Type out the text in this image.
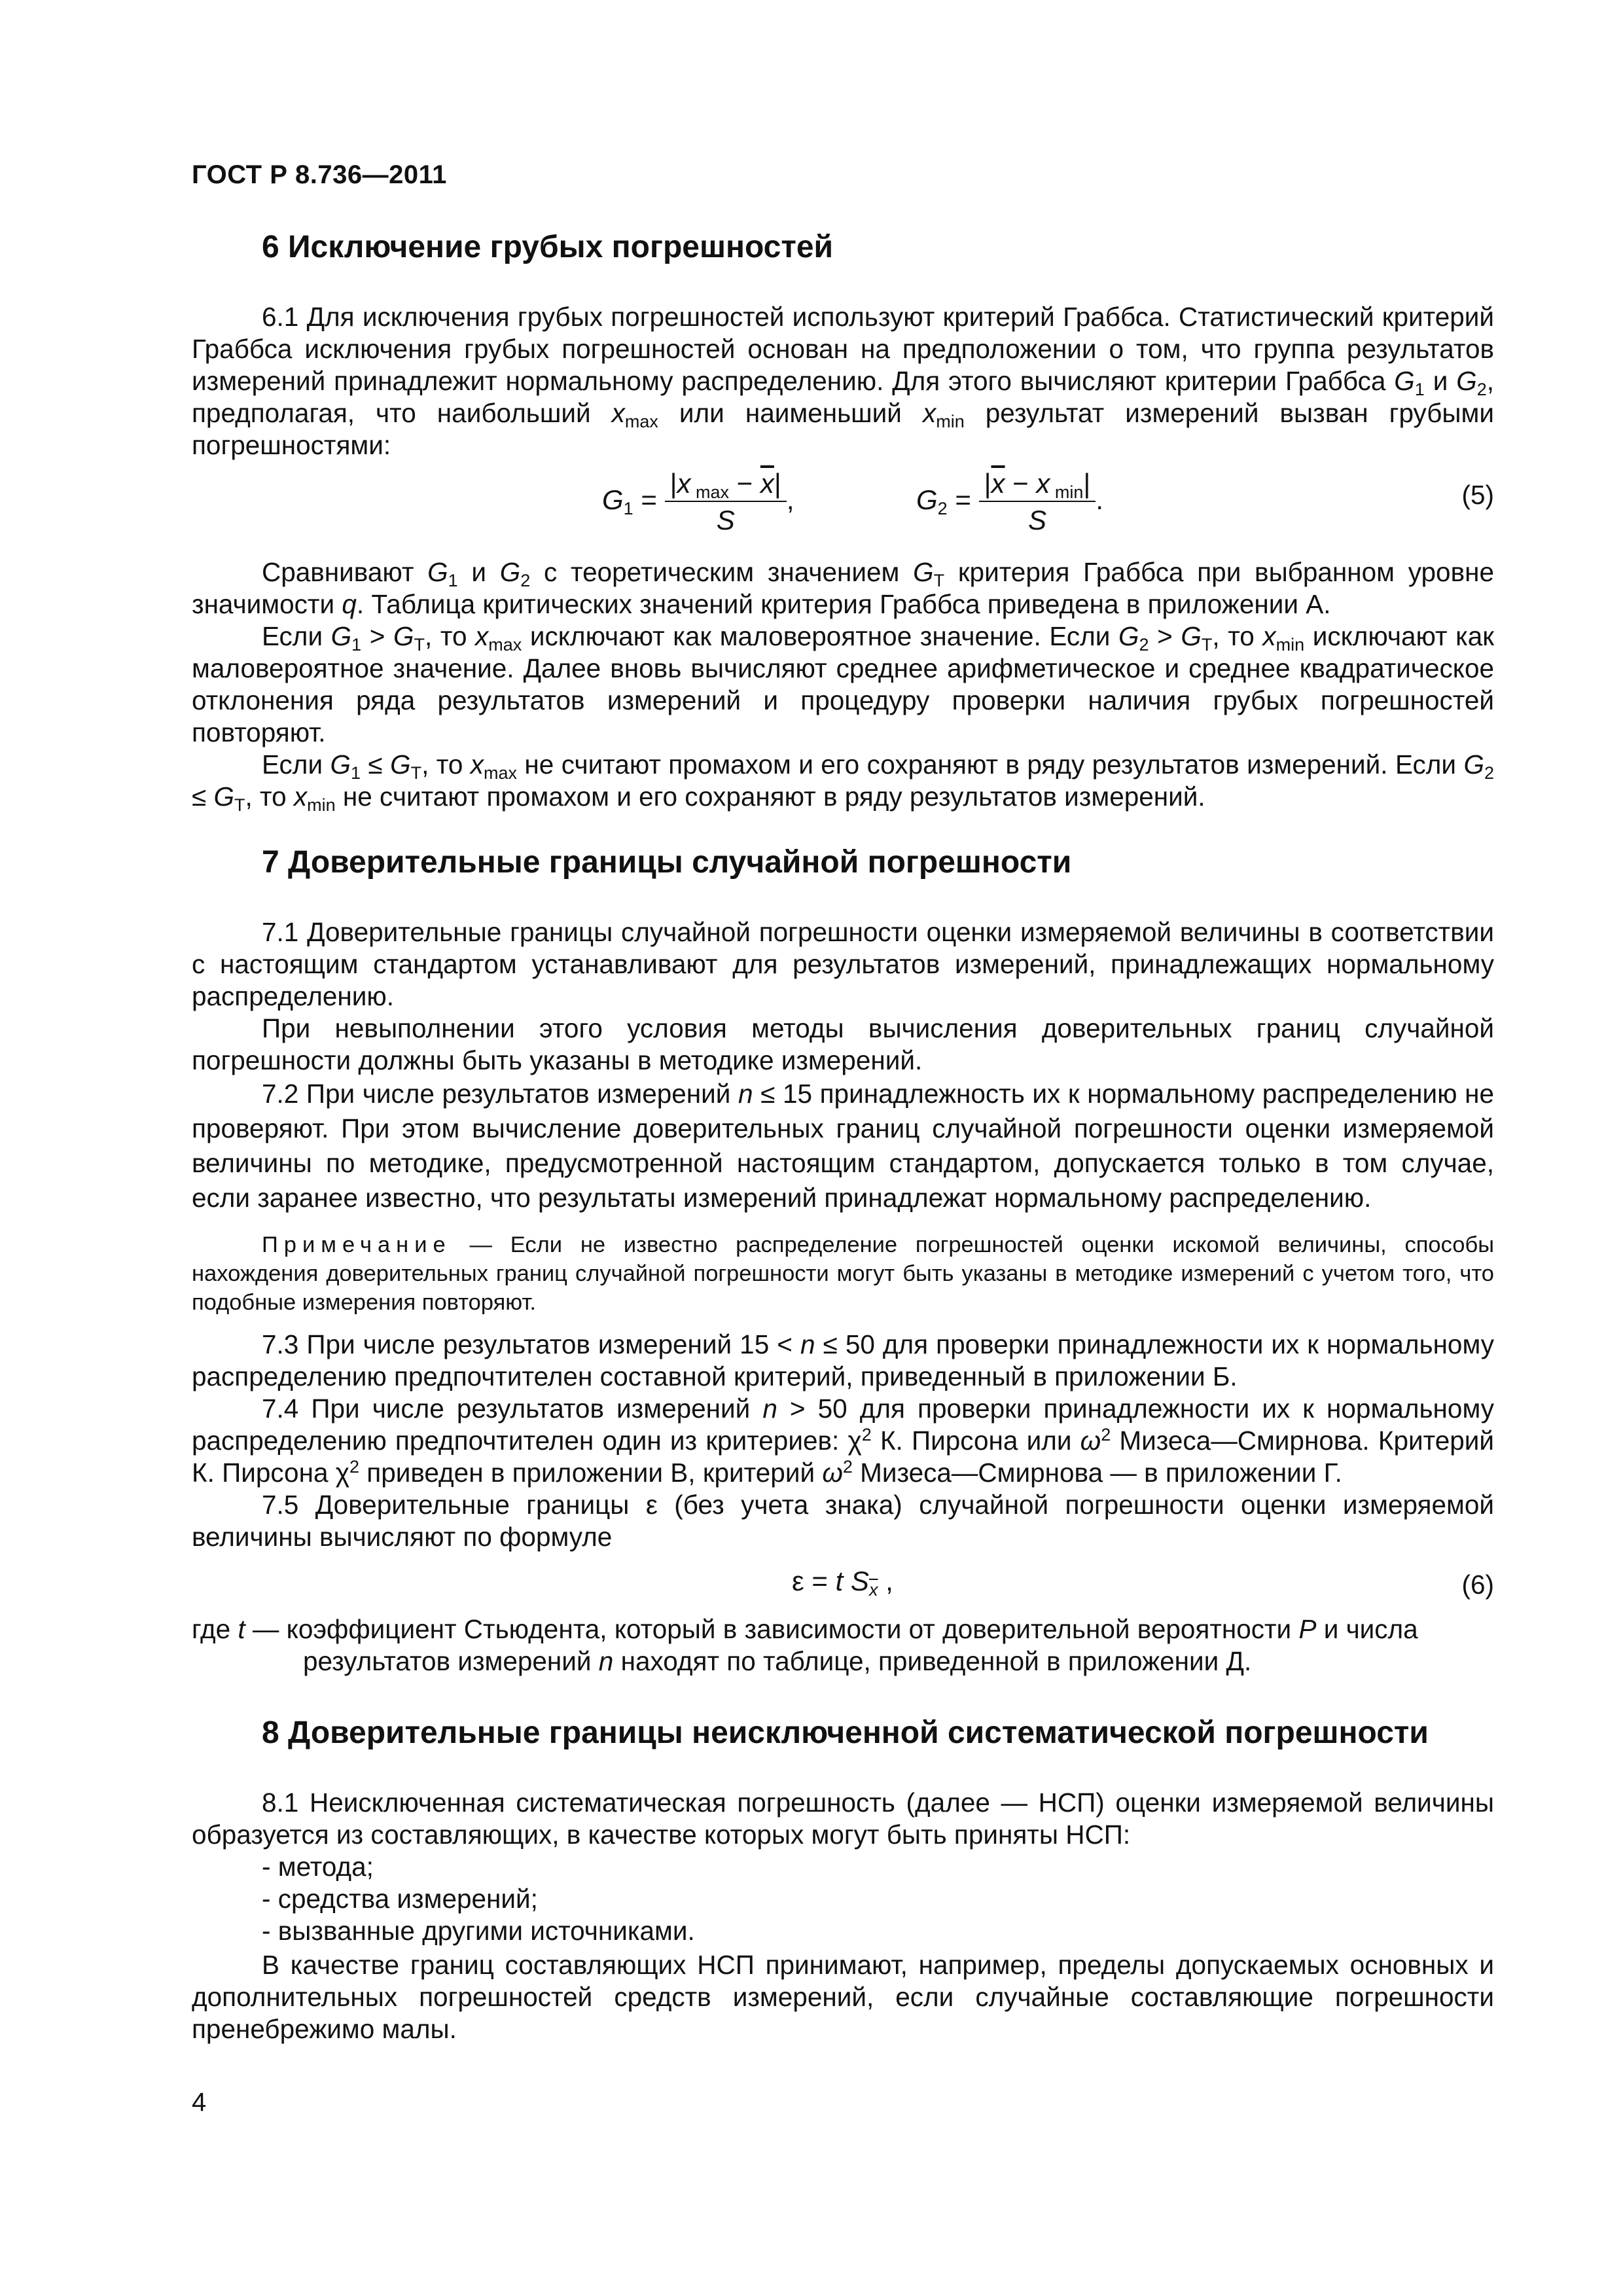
ГОСТ Р 8.736—2011
6 Исключение грубых погрешностей
6.1 Для исключения грубых погрешностей используют критерий Граббса. Статистический критерий Граббса исключения грубых погрешностей основан на предположении о том, что группа результатов измерений принадлежит нормальному распределению. Для этого вычисляют критерии Граббса $G_1$ и $G_2$, предполагая, что наибольший $x_{max}$ или наименьший $x_{min}$ результат измерений вызван грубыми погрешностями:
$G_1 = \frac{|x _{max} - \overline{x}|}{S}$ ,	$G_2 = \frac{|\overline{x} - x _{min}|}{S}$ .	(5)
Сравнивают $G_1$ и $G_2$ с теоретическим значением $G_T$ критерия Граббса при выбранном уровне значимости q. Таблица критических значений критерия Граббса приведена в приложении А.
Если $G_1 > G_T$, то $x_{max}$ исключают как маловероятное значение. Если $G_2 > G_T$, то $x_{min}$ исключают как маловероятное значение. Далее вновь вычисляют среднее арифметическое и среднее квадратическое отклонения ряда результатов измерений и процедуру проверки наличия грубых погрешностей повторяют.
Если $G_1 \le G_T$, то $x_{max}$ не считают промахом и его сохраняют в ряду результатов измерений. Если $G_2 \le G_T$, то $x_{min}$ не считают промахом и его сохраняют в ряду результатов измерений.
7 Доверительные границы случайной погрешности
7.1 Доверительные границы случайной погрешности оценки измеряемой величины в соответствии с настоящим стандартом устанавливают для результатов измерений, принадлежащих нормальному распределению.
При невыполнении этого условия методы вычисления доверительных границ случайной погрешности должны быть указаны в методике измерений.
7.2 При числе результатов измерений n ≤ 15 принадлежность их к нормальному распределению не проверяют. При этом вычисление доверительных границ случайной погрешности оценки измеряемой величины по методике, предусмотренной настоящим стандартом, допускается только в том случае, если заранее известно, что результаты измерений принадлежат нормальному распределению.
Примечание — Если не известно распределение погрешностей оценки искомой величины, способы нахождения доверительных границ случайной погрешности могут быть указаны в методике измерений с учетом того, что подобные измерения повторяют.
7.3 При числе результатов измерений 15 < n ≤ 50 для проверки принадлежности их к нормальному распределению предпочтителен составной критерий, приведенный в приложении Б.
7.4 При числе результатов измерений n > 50 для проверки принадлежности их к нормальному распределению предпочтителен один из критериев: $\chi^2$ К. Пирсона или $\omega^2$ Мизеса—Смирнова. Критерий К. Пирсона $\chi^2$ приведен в приложении В, критерий $\omega^2$ Мизеса—Смирнова — в приложении Г.
7.5 Доверительные границы ε (без учета знака) случайной погрешности оценки измеряемой величины вычисляют по формуле
ε = t $S_{\overline{x}}$ ,	(6)
где t — коэффициент Стьюдента, который в зависимости от доверительной вероятности P и числа
результатов измерений n находят по таблице, приведенной в приложении Д.
8 Доверительные границы неисключенной систематической погрешности
8.1 Неисключенная систематическая погрешность (далее — НСП) оценки измеряемой величины образуется из составляющих, в качестве которых могут быть приняты НСП:
- метода;
- средства измерений;
- вызванные другими источниками.
В качестве границ составляющих НСП принимают, например, пределы допускаемых основных и дополнительных погрешностей средств измерений, если случайные составляющие погрешности пренебрежимо малы.
4
